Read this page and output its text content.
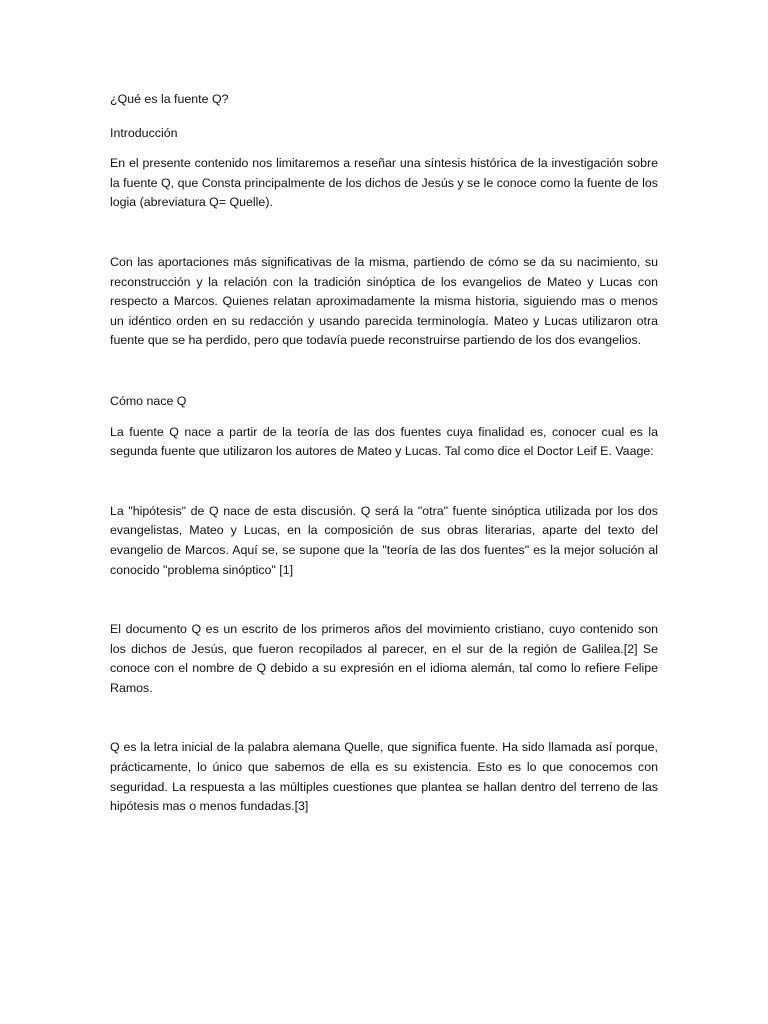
¿Qué es la fuente Q?

Introducción

En el presente contenido nos limitaremos a reseñar una síntesis histórica de la investigación sobre la fuente Q, que Consta principalmente de los dichos de Jesús y se le conoce como la fuente de los logia (abreviatura Q= Quelle).

Con las aportaciones más significativas de la misma, partiendo de cómo se da su nacimiento, su reconstrucción y la relación con la tradición sinóptica de los evangelios de Mateo y Lucas con respecto a Marcos. Quienes relatan aproximadamente la misma historia, siguiendo mas o menos un idéntico orden en su redacción y usando parecida terminología. Mateo y Lucas utilizaron otra fuente que se ha perdido, pero que todavía puede reconstruirse partiendo de los dos evangelios.

Cómo nace Q

La fuente Q nace a partir de la teoría de las dos fuentes cuya finalidad es, conocer cual es la segunda fuente que utilizaron los autores de Mateo y Lucas. Tal como dice el Doctor Leif E. Vaage:

La "hipótesis" de Q nace de esta discusión. Q será la "otra" fuente sinóptica utilizada por los dos evangelistas, Mateo y Lucas, en la composición de sus obras literarias, aparte del texto del evangelio de Marcos. Aquí se, se supone que la "teoría de las dos fuentes" es la mejor solución al conocido "problema sinóptico" [1]

El documento Q es un escrito de los primeros años del movimiento cristiano, cuyo contenido son los dichos de Jesús, que fueron recopilados al parecer, en el sur de la región de Galilea.[2] Se conoce con el nombre de Q debido a su expresión en el idioma alemán, tal como lo refiere Felipe Ramos.

Q es la letra inicial de la palabra alemana Quelle, que significa fuente. Ha sido llamada así porque, prácticamente, lo único que sabemos de ella es su existencia. Esto es lo que conocemos con seguridad. La respuesta a las múltiples cuestiones que plantea se hallan dentro del terreno de las hipótesis mas o menos fundadas.[3]
